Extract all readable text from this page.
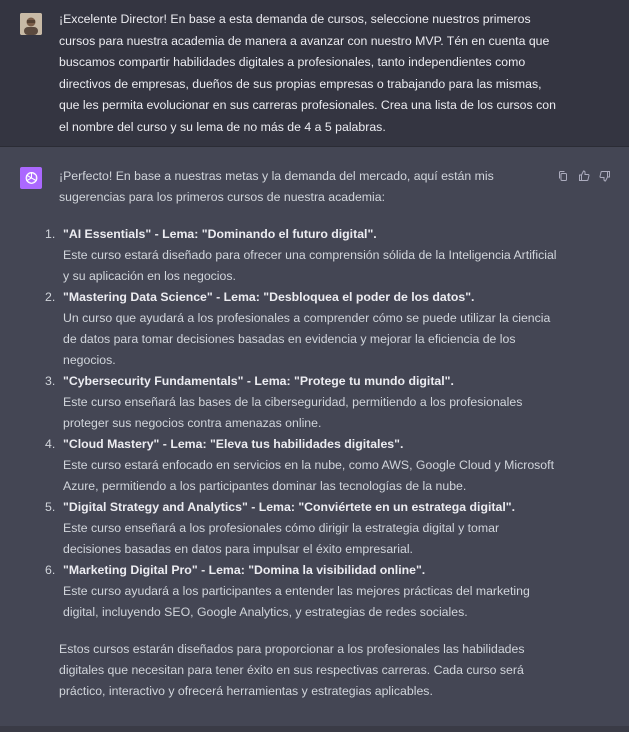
¡Excelente Director! En base a esta demanda de cursos, seleccione nuestros primeros cursos para nuestra academia de manera a avanzar con nuestro MVP. Tén en cuenta que buscamos compartir habilidades digitales a profesionales, tanto independientes como directivos de empresas, dueños de sus propias empresas o trabajando para las mismas, que les permita evolucionar en sus carreras profesionales. Crea una lista de los cursos con el nombre del curso y su lema de no más de 4 a 5 palabras.

¡Perfecto! En base a nuestras metas y la demanda del mercado, aquí están mis sugerencias para los primeros cursos de nuestra academia:

1. "AI Essentials" - Lema: "Dominando el futuro digital".
Este curso estará diseñado para ofrecer una comprensión sólida de la Inteligencia Artificial y su aplicación en los negocios.
2. "Mastering Data Science" - Lema: "Desbloquea el poder de los datos".
Un curso que ayudará a los profesionales a comprender cómo se puede utilizar la ciencia de datos para tomar decisiones basadas en evidencia y mejorar la eficiencia de los negocios.
3. "Cybersecurity Fundamentals" - Lema: "Protege tu mundo digital".
Este curso enseñará las bases de la ciberseguridad, permitiendo a los profesionales proteger sus negocios contra amenazas online.
4. "Cloud Mastery" - Lema: "Eleva tus habilidades digitales".
Este curso estará enfocado en servicios en la nube, como AWS, Google Cloud y Microsoft Azure, permitiendo a los participantes dominar las tecnologías de la nube.
5. "Digital Strategy and Analytics" - Lema: "Conviértete en un estratega digital".
Este curso enseñará a los profesionales cómo dirigir la estrategia digital y tomar decisiones basadas en datos para impulsar el éxito empresarial.
6. "Marketing Digital Pro" - Lema: "Domina la visibilidad online".
Este curso ayudará a los participantes a entender las mejores prácticas del marketing digital, incluyendo SEO, Google Analytics, y estrategias de redes sociales.

Estos cursos estarán diseñados para proporcionar a los profesionales las habilidades digitales que necesitan para tener éxito en sus respectivas carreras. Cada curso será práctico, interactivo y ofrecerá herramientas y estrategias aplicables.
